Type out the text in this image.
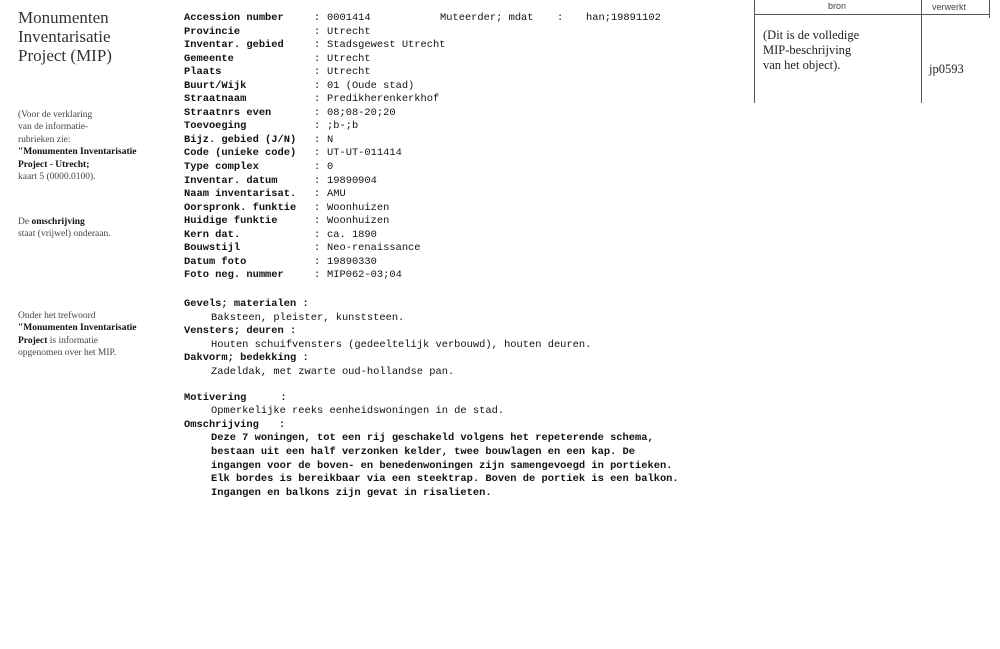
Monumenten
Inventarisatie
Project (MIP)
(Voor de verklaring
van de informatie-
rubrieken zie:
"Monumenten Inventarisatie
Project - Utrecht;
kaart 5 (0000.0100).
De omschrijving
staat (vrijwel) onderaan.
Onder het trefwoord
"Monumenten Inventarisatie
Project is informatie
opgenomen over het MIP.
Accession number	: 0001414	Muteerder; mdat : han;19891102
Provincie	: Utrecht
Inventar. gebied	: Stadsgewest Utrecht
Gemeente	: Utrecht
Plaats	: Utrecht
Buurt/Wijk	: 01 (Oude stad)
Straatnaam	: Predikherenkerkhof
Straatnrs even	: 08;08-20;20
Toevoeging	: ;b-;b
Bijz. gebied (J/N) : N
Code (unieke code) : UT-UT-011414
Type complex	: 0
Inventar. datum	: 19890904
Naam inventarisat. : AMU
Oorspronk. funktie : Woonhuizen
Huidige funktie	: Woonhuizen
Kern dat.	: ca. 1890
Bouwstijl	: Neo-renaissance
Datum foto	: 19890330
Foto neg. nummer	: MIP062-03;04
Gevels; materialen :
Baksteen, pleister, kunststeen.
Vensters; deuren :
Houten schuifvensters (gedeeltelijk verbouwd), houten deuren.
Dakvorm; bedekking :
Zadeldak, met zwarte oud-hollandse pan.
Motivering	:
Opmerkelijke reeks eenheidswoningen in de stad.
Omschrijving :
Deze 7 woningen, tot een rij geschakeld volgens het repeterende schema,
bestaan uit een half verzonken kelder, twee bouwlagen en een kap. De
ingangen voor de boven- en benedenwoningen zijn samengevoegd in portieken.
Elk bordes is bereikbaar via een steektrap. Boven de portiek is een balkon.
Ingangen en balkons zijn gevat in risalieten.
bron	verwerkt
(Dit is de volledige
MIP-beschrijving
van het object).	jp0593
